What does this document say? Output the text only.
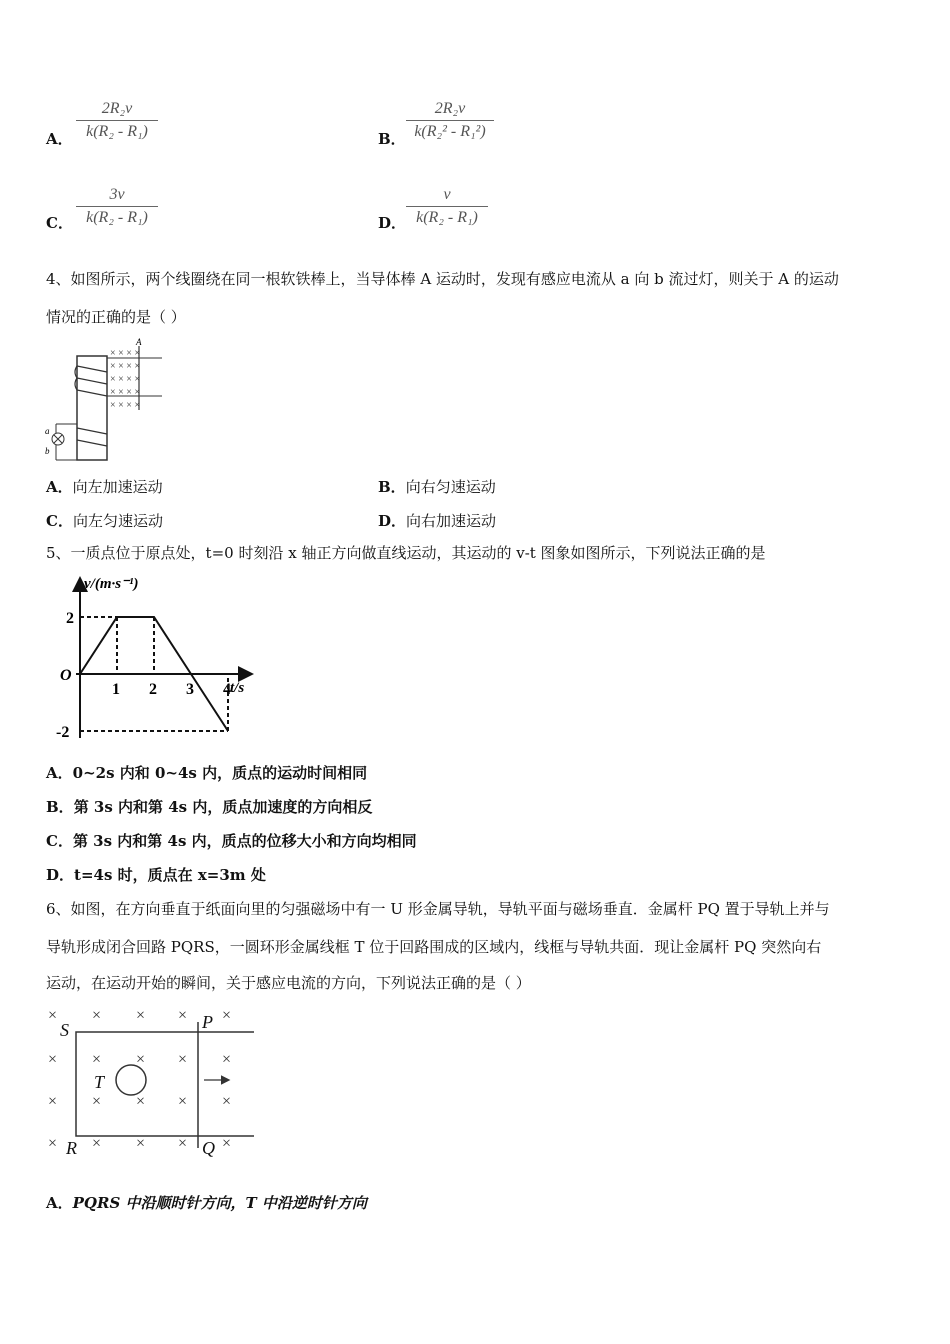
A．
2R₂v
k(R₂ - R₁)	B．
2R₂v
k(R₂² - R₁²)
C．
3v
k(R₂ - R₁)	D．
v
k(R₂ - R₁)
4、如图所示，两个线圈绕在同一根软铁棒上，当导体棒 A 运动时，发现有感应电流从 a 向 b 流过灯，则关于 A 的运动
情况的正确的是（ ）
× × × ×
× × × ×
× × × ×
× × × ×
× × × ×
A
a
b
A．向左加速运动	B．向右匀速运动
C．向左匀速运动	D．向右加速运动
5、一质点位于原点处，t=0 时刻沿 x 轴正方向做直线运动，其运动的 v-t 图象如图所示，下列说法正确的是
v/(m·s⁻¹)
t/s
O
1 2 3 4
2
-2
A．0~2s 内和 0~4s 内，质点的运动时间相同
B．第 3s 内和第 4s 内，质点加速度的方向相反
C．第 3s 内和第 4s 内，质点的位移大小和方向均相同
D．t=4s 时，质点在 x=3m 处
6、如图，在方向垂直于纸面向里的匀强磁场中有一 U 形金属导轨，导轨平面与磁场垂直．金属杆 PQ 置于导轨上并与
导轨形成闭合回路 PQRS，一圆环形金属线框 T 位于回路围成的区域内，线框与导轨共面．现让金属杆 PQ 突然向右
运动，在运动开始的瞬间，关于感应电流的方向，下列说法正确的是（ ）
× × × × ×
× × × × ×
× × × × ×
× × × × ×
S	P
R	Q
T
A．PQRS 中沿顺时针方向，T 中沿逆时针方向
